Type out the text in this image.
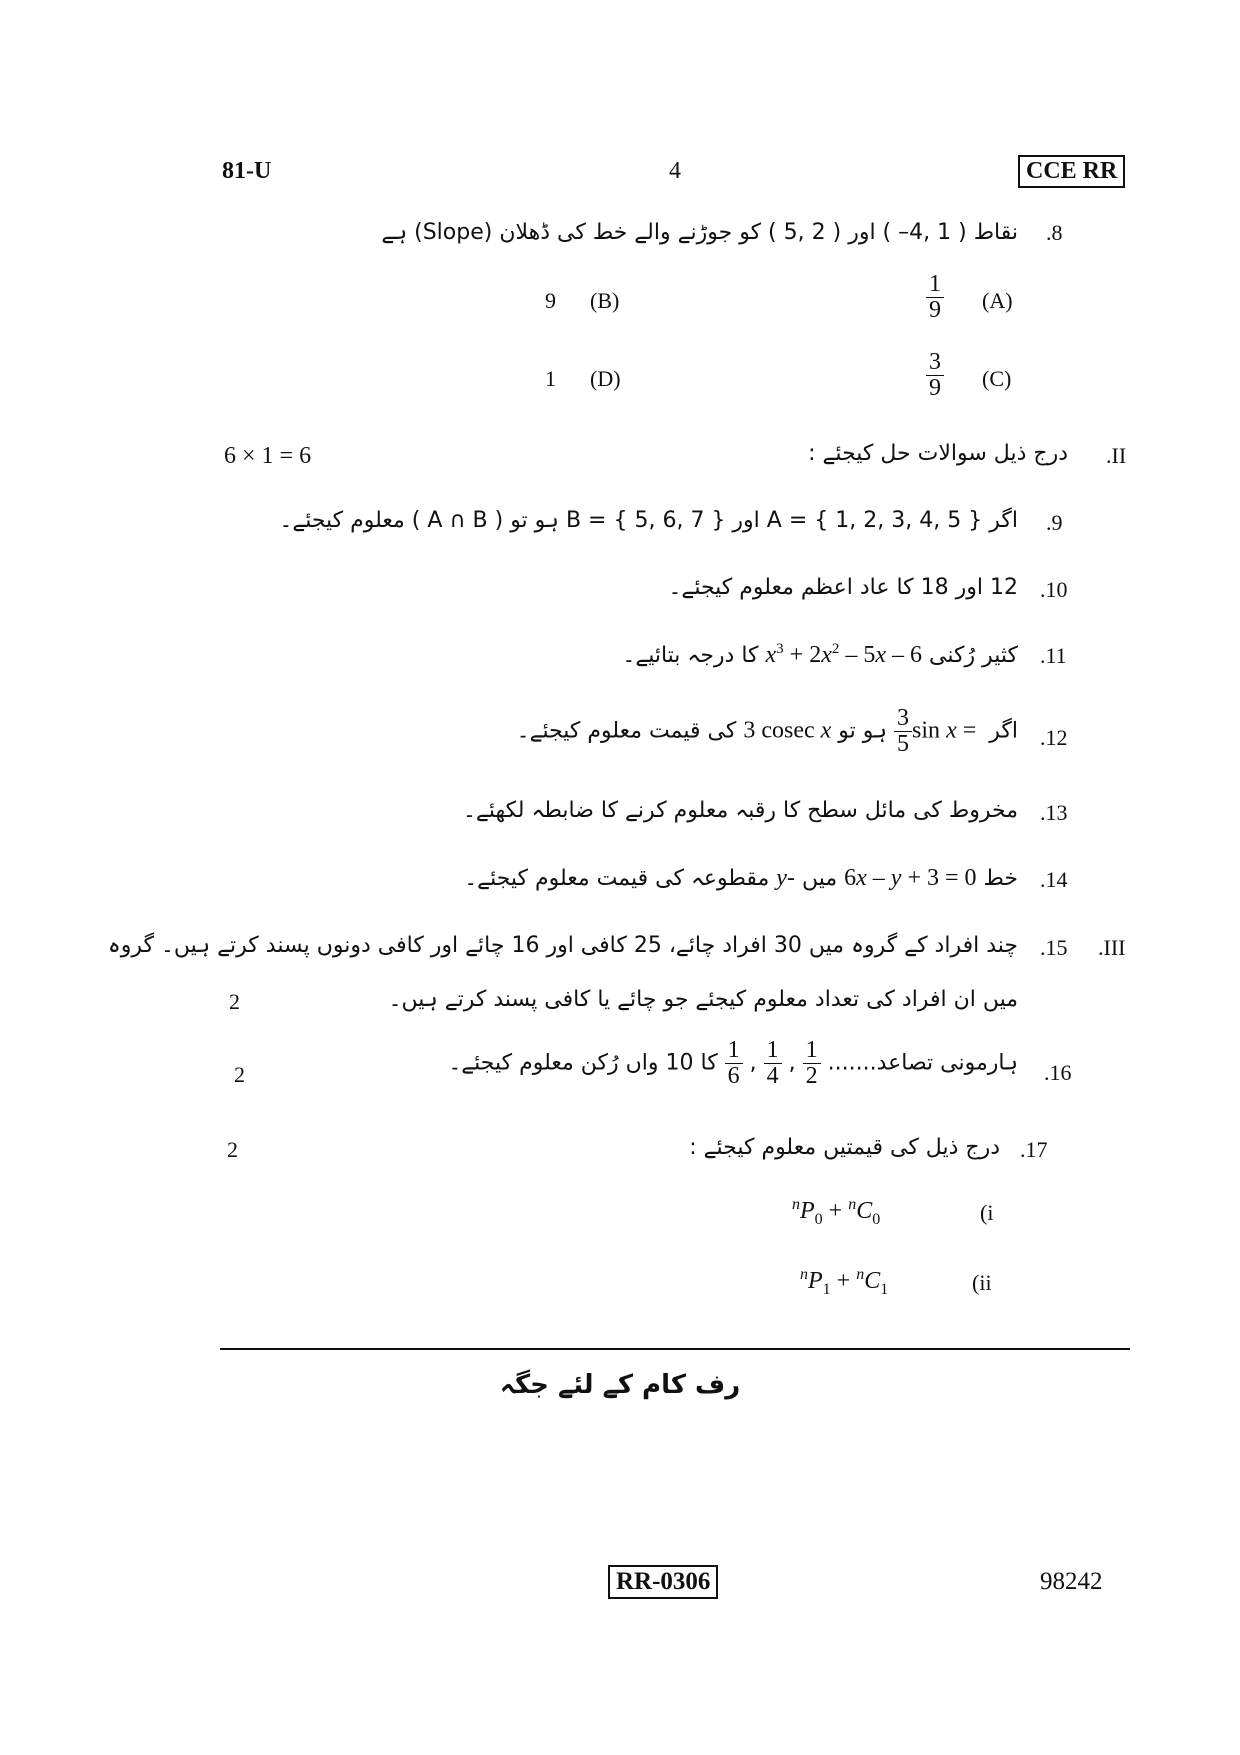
81-U	4	CCE RR
.8
نقاط ( 1 ,4– ) اور ( 2 ,5 ) کو جوڑنے والے خط کی ڈھلان (Slope) ہے
(A)
$\frac{1}{9}$
(B)
9
(C)
$\frac{3}{9}$
(D)
1
.II
درج ذیل سوالات حل کیجئے :
6 × 1 = 6
.9
اگر { 5 ,4 ,3 ,2 ,1 } = A اور { 7 ,6 ,5 } = B ہو تو ( A ∩ B ) معلوم کیجئے۔
.10
12 اور 18 کا عاد اعظم معلوم کیجئے۔
.11
کثیر رُکنی $x^3 + 2x^2 - 5x - 6$ کا درجہ بتائیے۔
.12
اگر sin x =
$\frac{3}{5}$
ہو تو 3 cosec x کی قیمت معلوم کیجئے۔
.13
مخروط کی مائل سطح کا رقبہ معلوم کرنے کا ضابطہ لکھئے۔
.14
خط 6x – y + 3 = 0 میں y- مقطوعہ کی قیمت معلوم کیجئے۔
.III
.15
چند افراد کے گروہ میں 30 افراد چائے، 25 کافی اور 16 چائے اور کافی دونوں پسند کرتے ہیں۔ گروہ
میں ان افراد کی تعداد معلوم کیجئے جو چائے یا کافی پسند کرتے ہیں۔
2
.16
ہارمونی تصاعد.......
$\frac{1}{2}$
,
$\frac{1}{4}$
,
$\frac{1}{6}$
کا 10 واں رُکن معلوم کیجئے۔
2
.17
درج ذیل کی قیمتیں معلوم کیجئے :
2
(i
$^nP_0 + ^nC_0$
(ii
$^nP_1 + ^nC_1$
رف کام کے لئے جگہ
RR-0306	98242
